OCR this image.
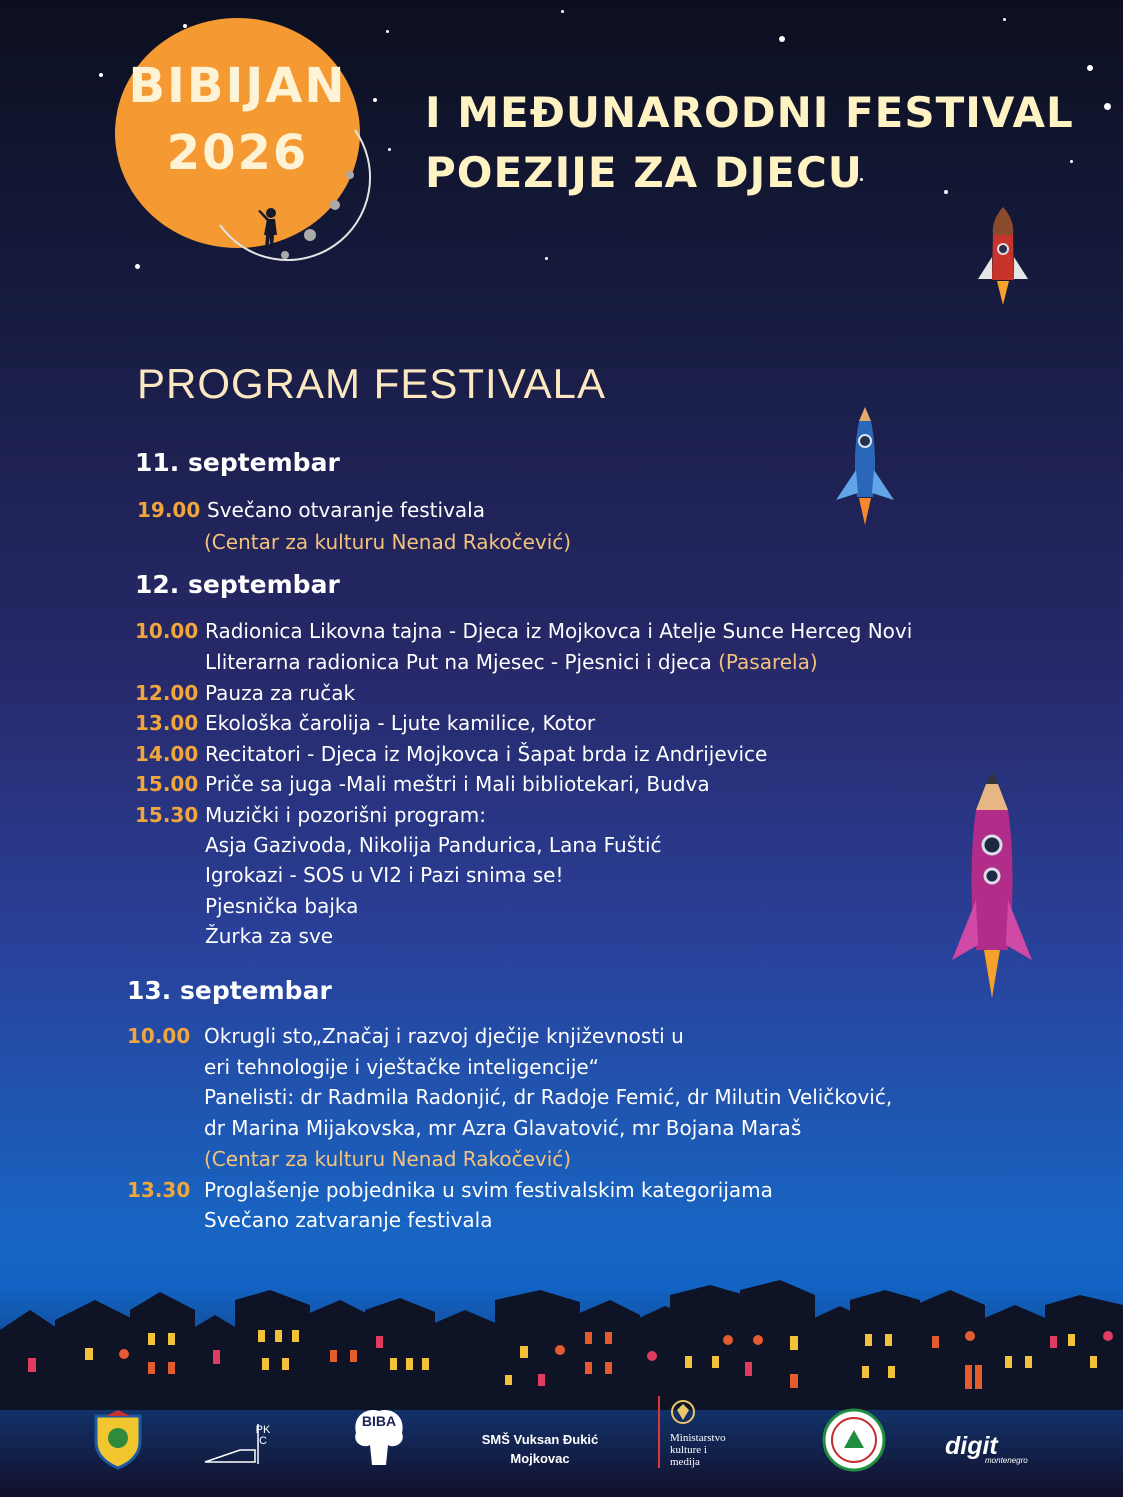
BIBIJAN
2026
I MEĐUNARODNI FESTIVAL
POEZIJE ZA DJECU
PROGRAM FESTIVALA
11. septembar
19.00 Svečano otvaranje festivala
(Centar za kulturu Nenad Rakočević)
12. septembar
10.00 Radionica Likovna tajna - Djeca iz Mojkovca i Atelje Sunce Herceg Novi
Lliterarna radionica Put na Mjesec - Pjesnici i djeca (Pasarela)
12.00 Pauza za ručak
13.00 Ekološka čarolija - Ljute kamilice, Kotor
14.00 Recitatori - Djeca iz Mojkovca i Šapat brda iz Andrijevice
15.00 Priče sa juga -Mali meštri i Mali bibliotekari, Budva
15.30 Muzički i pozorišni program:
Asja Gazivoda, Nikolija Pandurica, Lana Fuštić
Igrokazi - SOS u VI2 i Pazi snima se!
Pjesnička bajka
Žurka za sve
13. septembar
10.00 Okrugli sto„Značaj i razvoj dječije književnosti u
eri tehnologije i vještačke inteligencije“
Panelisti: dr Radmila Radonjić, dr Radoje Femić, dr Milutin Veličković,
dr Marina Mijakovska, mr Azra Glavatović, mr Bojana Maraš
(Centar za kulturu Nenad Rakočević)
13.30 Proglašenje pobjednika u svim festivalskim kategorijama
Svečano zatvaranje festivala
PKC
BIBA
SMŠ Vuksan Đukić
Mojkovac
Ministarstvo
kulture i
medija
digit
montenegro
